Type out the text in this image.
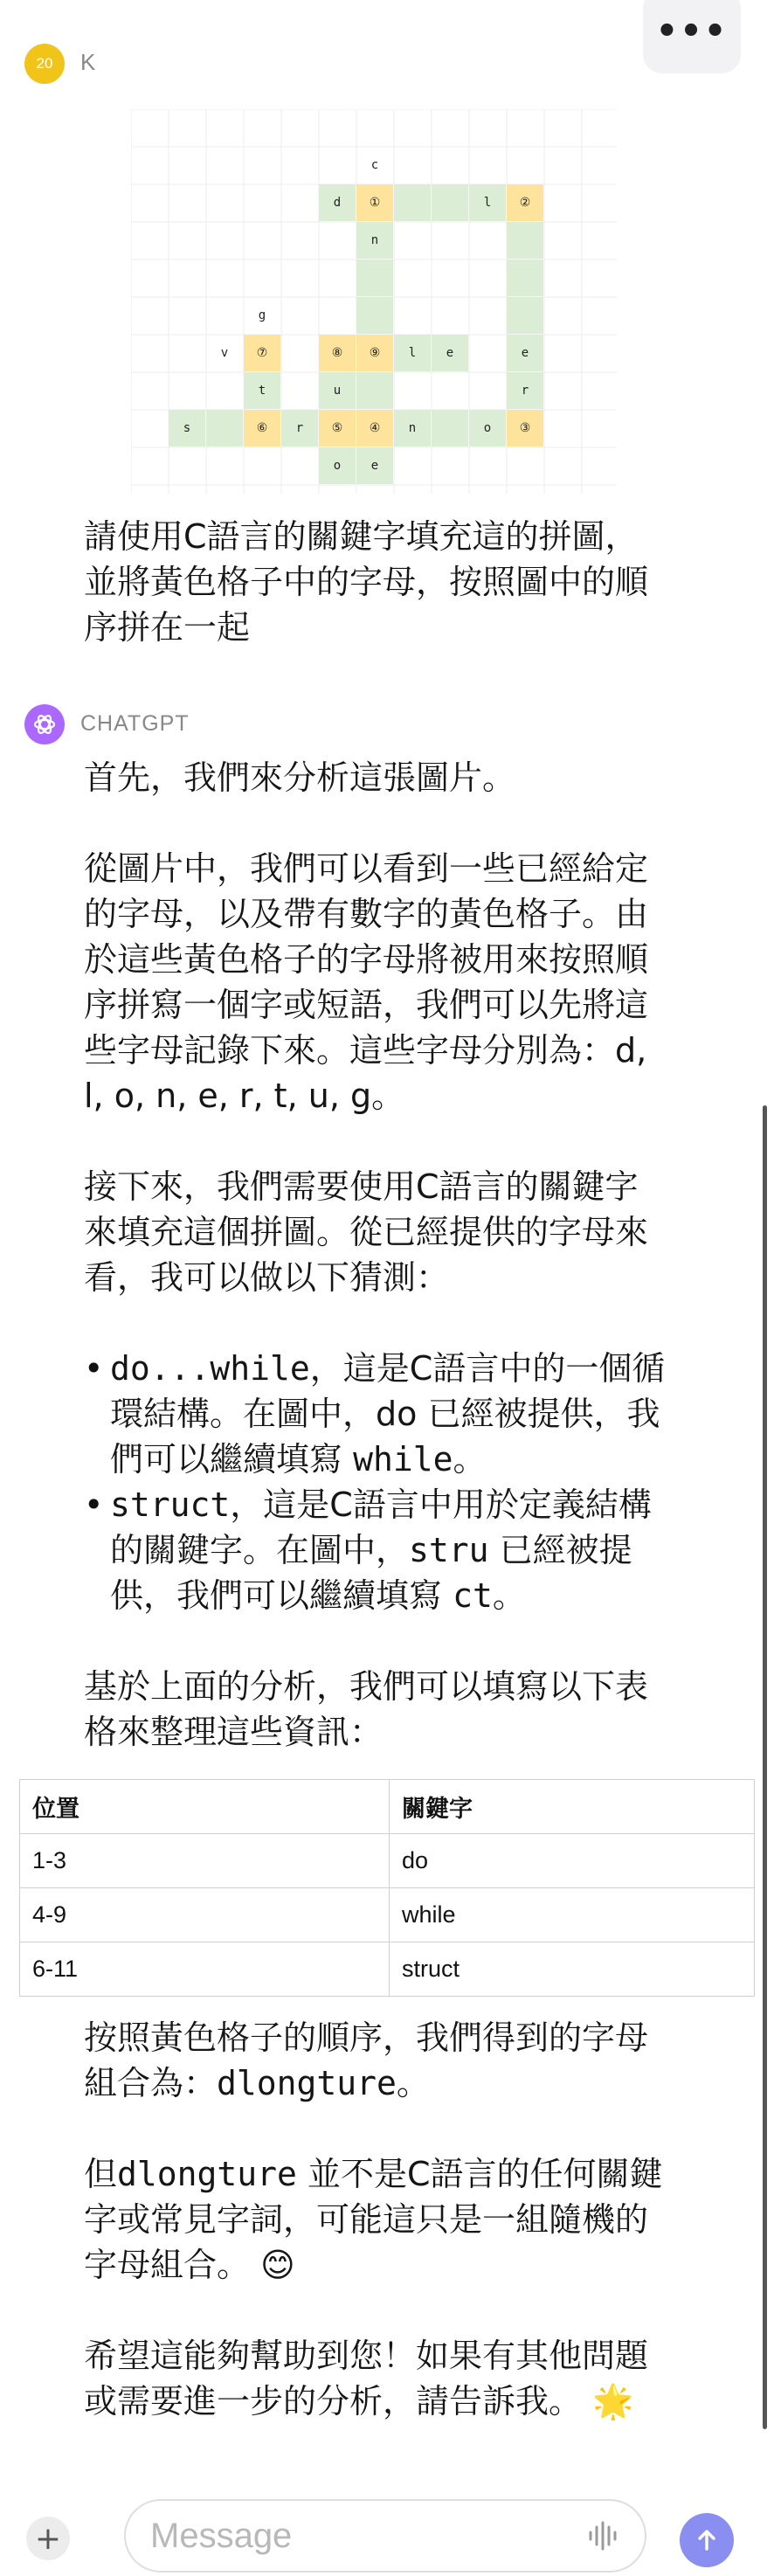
•••
20	K
c
d	①	l	②
n
g
v	⑦	⑧	⑨	l	e	e
t	u	r
s	⑥	r	⑤	④	n	o	③
o	e

請使用C語言的關鍵字填充這的拼圖，

並將黃色格子中的字母，按照圖中的順

序拼在一起

CHATGPT

首先，我們來分析這張圖片。

從圖片中，我們可以看到一些已經給定

的字母，以及帶有數字的黃色格子。由

於這些黃色格子的字母將被用來按照順

序拼寫一個字或短語，我們可以先將這

些字母記錄下來。這些字母分別為：d,

l, o, n, e, r, t, u, g。

接下來，我們需要使用C語言的關鍵字

來填充這個拼圖。從已經提供的字母來

看，我可以做以下猜測：

• do...while，這是C語言中的一個循

環結構。在圖中，do 已經被提供，我

們可以繼續填寫 while。

• struct，這是C語言中用於定義結構

的關鍵字。在圖中，stru 已經被提

供，我們可以繼續填寫 ct。

基於上面的分析，我們可以填寫以下表

格來整理這些資訊：

位置	關鍵字
1-3	do
4-9	while
6-11	struct

按照黃色格子的順序，我們得到的字母

組合為：dlongture。

但dlongture 並不是C語言的任何關鍵

字或常見字詞，可能這只是一組隨機的

字母組合。 😊

希望這能夠幫助到您！如果有其他問題

或需要進一步的分析，請告訴我。 🌟

+	Message
